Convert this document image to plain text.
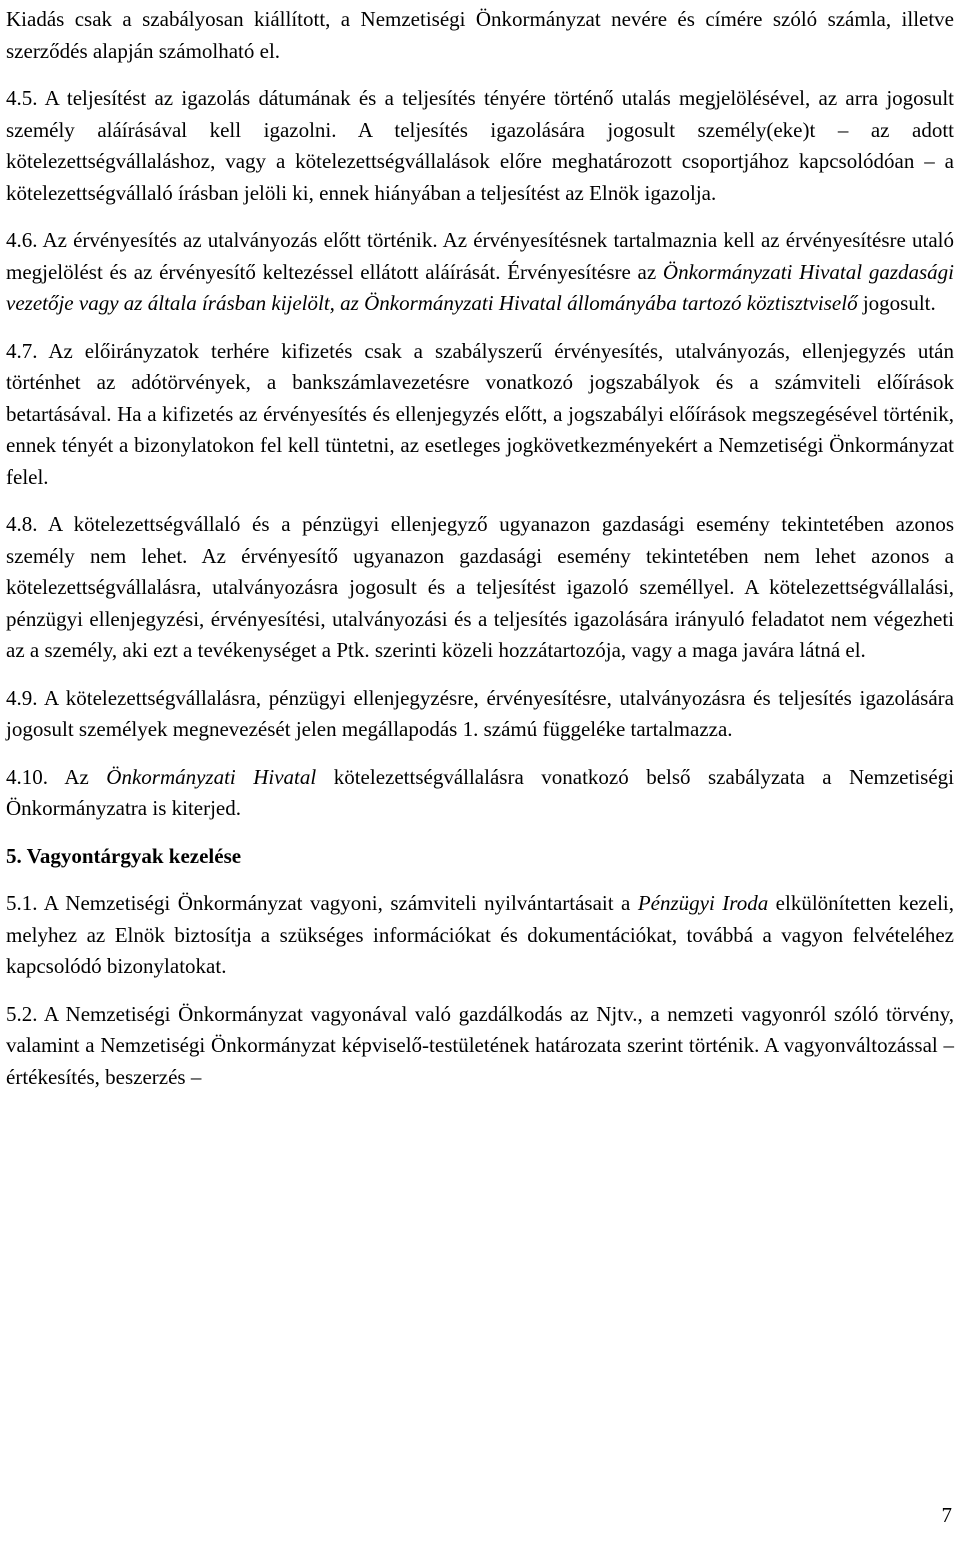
Kiadás csak a szabályosan kiállított, a Nemzetiségi Önkormányzat nevére és címére szóló számla, illetve szerződés alapján számolható el.

4.5. A teljesítést az igazolás dátumának és a teljesítés tényére történő utalás megjelölésével, az arra jogosult személy aláírásával kell igazolni. A teljesítés igazolására jogosult személy(eke)t – az adott kötelezettségvállaláshoz, vagy a kötelezettségvállalások előre meghatározott csoportjához kapcsolódóan – a kötelezettségvállaló írásban jelöli ki, ennek hiányában a teljesítést az Elnök igazolja.

4.6. Az érvényesítés az utalványozás előtt történik. Az érvényesítésnek tartalmaznia kell az érvényesítésre utaló megjelölést és az érvényesítő keltezéssel ellátott aláírását. Érvényesítésre az Önkormányzati Hivatal gazdasági vezetője vagy az általa írásban kijelölt, az Önkormányzati Hivatal állományába tartozó köztisztviselő jogosult.

4.7. Az előirányzatok terhére kifizetés csak a szabályszerű érvényesítés, utalványozás, ellenjegyzés után történhet az adótörvények, a bankszámlavezetésre vonatkozó jogszabályok és a számviteli előírások betartásával. Ha a kifizetés az érvényesítés és ellenjegyzés előtt, a jogszabályi előírások megszegésével történik, ennek tényét a bizonylatokon fel kell tüntetni, az esetleges jogkövetkezményekért a Nemzetiségi Önkormányzat felel.

4.8. A kötelezettségvállaló és a pénzügyi ellenjegyző ugyanazon gazdasági esemény tekintetében azonos személy nem lehet. Az érvényesítő ugyanazon gazdasági esemény tekintetében nem lehet azonos a kötelezettségvállalásra, utalványozásra jogosult és a teljesítést igazoló személlyel. A kötelezettségvállalási, pénzügyi ellenjegyzési, érvényesítési, utalványozási és a teljesítés igazolására irányuló feladatot nem végezheti az a személy, aki ezt a tevékenységet a Ptk. szerinti közeli hozzátartozója, vagy a maga javára látná el.

4.9. A kötelezettségvállalásra, pénzügyi ellenjegyzésre, érvényesítésre, utalványozásra és teljesítés igazolására jogosult személyek megnevezését jelen megállapodás 1. számú függeléke tartalmazza.

4.10. Az Önkormányzati Hivatal kötelezettségvállalásra vonatkozó belső szabályzata a Nemzetiségi Önkormányzatra is kiterjed.

5. Vagyontárgyak kezelése

5.1. A Nemzetiségi Önkormányzat vagyoni, számviteli nyilvántartásait a Pénzügyi Iroda elkülönítetten kezeli, melyhez az Elnök biztosítja a szükséges információkat és dokumentációkat, továbbá a vagyon felvételéhez kapcsolódó bizonylatokat.

5.2. A Nemzetiségi Önkormányzat vagyonával való gazdálkodás az Njtv., a nemzeti vagyonról szóló törvény, valamint a Nemzetiségi Önkormányzat képviselő-testületének határozata szerint történik. A vagyonváltozással – értékesítés, beszerzés –

7
